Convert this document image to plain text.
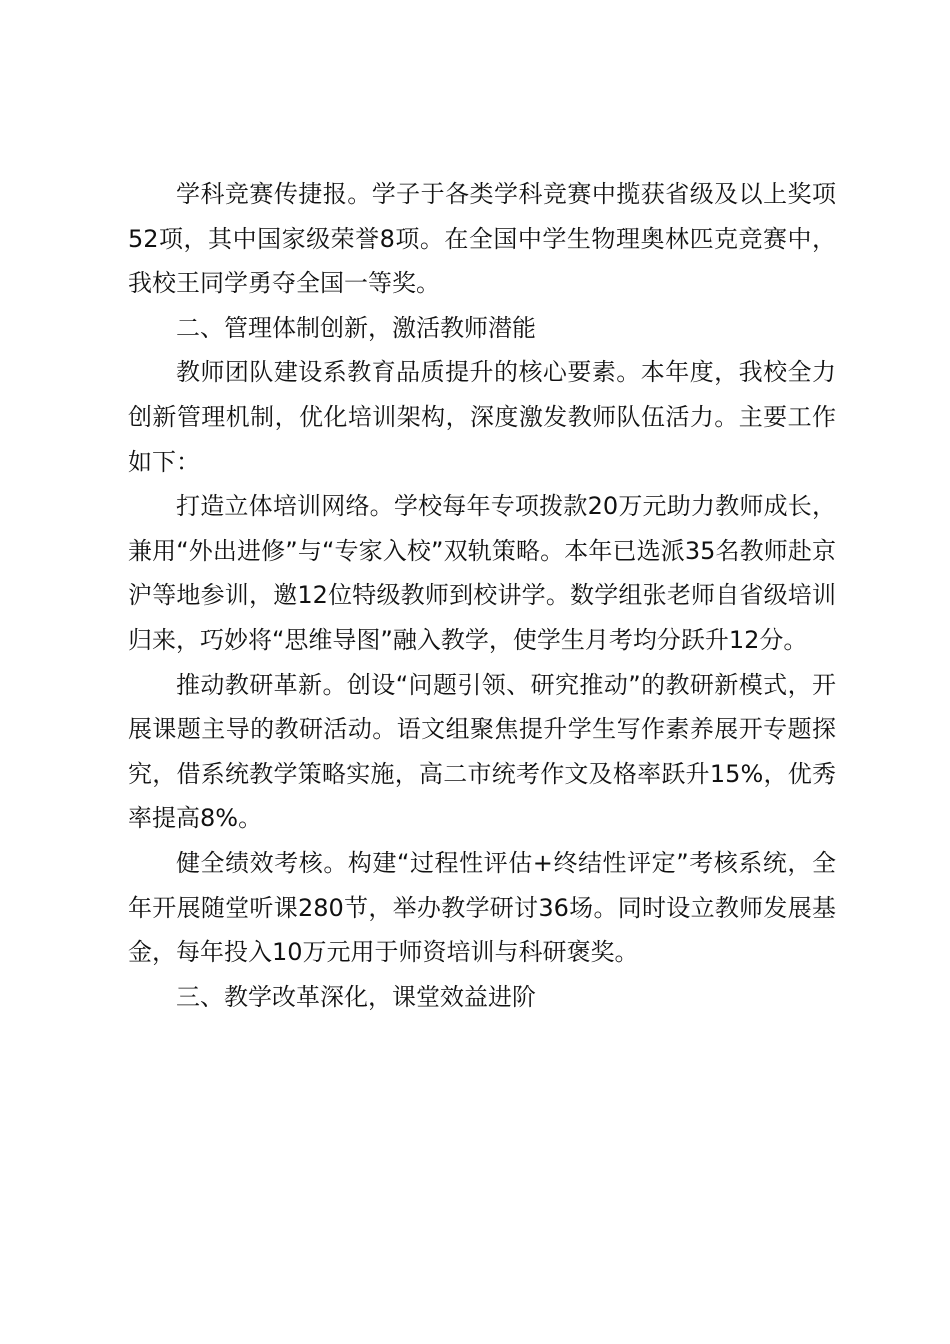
学科竞赛传捷报。学子于各类学科竞赛中揽获省级及以上奖项52项，其中国家级荣誉8项。在全国中学生物理奥林匹克竞赛中，我校王同学勇夺全国一等奖。

二、管理体制创新，激活教师潜能

教师团队建设系教育品质提升的核心要素。本年度，我校全力创新管理机制，优化培训架构，深度激发教师队伍活力。主要工作如下：

打造立体培训网络。学校每年专项拨款20万元助力教师成长，兼用“外出进修”与“专家入校”双轨策略。本年已选派35名教师赴京沪等地参训，邀12位特级教师到校讲学。数学组张老师自省级培训归来，巧妙将“思维导图”融入教学，使学生月考均分跃升12分。

推动教研革新。创设“问题引领、研究推动”的教研新模式，开展课题主导的教研活动。语文组聚焦提升学生写作素养展开专题探究，借系统教学策略实施，高二市统考作文及格率跃升15%，优秀率提高8%。

健全绩效考核。构建“过程性评估+终结性评定”考核系统，全年开展随堂听课280节，举办教学研讨36场。同时设立教师发展基金，每年投入10万元用于师资培训与科研褒奖。

三、教学改革深化，课堂效益进阶
